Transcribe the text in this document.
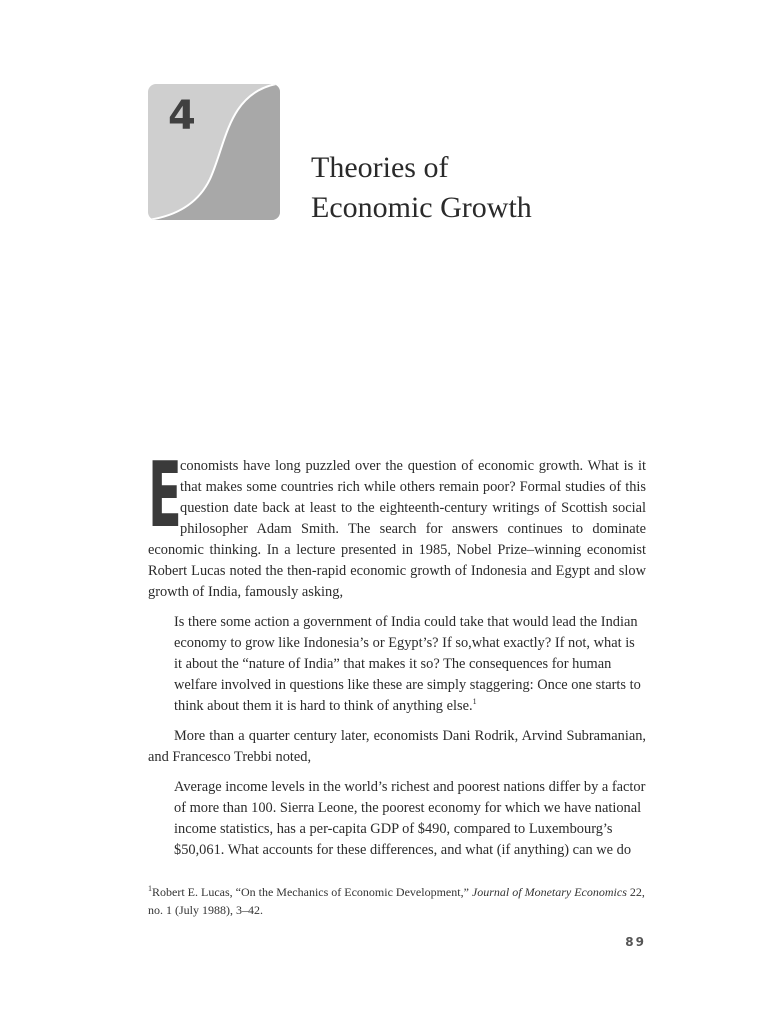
4
Theories of
Economic Growth

E
conomists have long puzzled over the question of economic growth. What is it that makes some countries rich while others remain poor? Formal studies of this question date back at least to the eighteenth-century writings of Scottish social philosopher Adam Smith. The search for answers continues to dominate economic thinking. In a lecture presented in 1985, Nobel Prize–winning economist Robert Lucas noted the then-rapid economic growth of Indonesia and Egypt and slow growth of India, famously asking,

Is there some action a government of India could take that would lead the Indian economy to grow like Indonesia’s or Egypt’s? If so,what exactly? If not, what is it about the “nature of India” that makes it so? The consequences for human welfare involved in questions like these are simply staggering: Once one starts to think about them it is hard to think of anything else.$^1$

More than a quarter century later, economists Dani Rodrik, Arvind Subramanian, and Francesco Trebbi noted,

Average income levels in the world’s richest and poorest nations differ by a factor of more than 100. Sierra Leone, the poorest economy for which we have national income statistics, has a per-capita GDP of $490, compared to Luxembourg’s $50,061. What accounts for these differences, and what (if anything) can we do

$^1$Robert E. Lucas, “On the Mechanics of Economic Development,” Journal of Monetary Economics 22, no. 1 (July 1988), 3–42.
89
